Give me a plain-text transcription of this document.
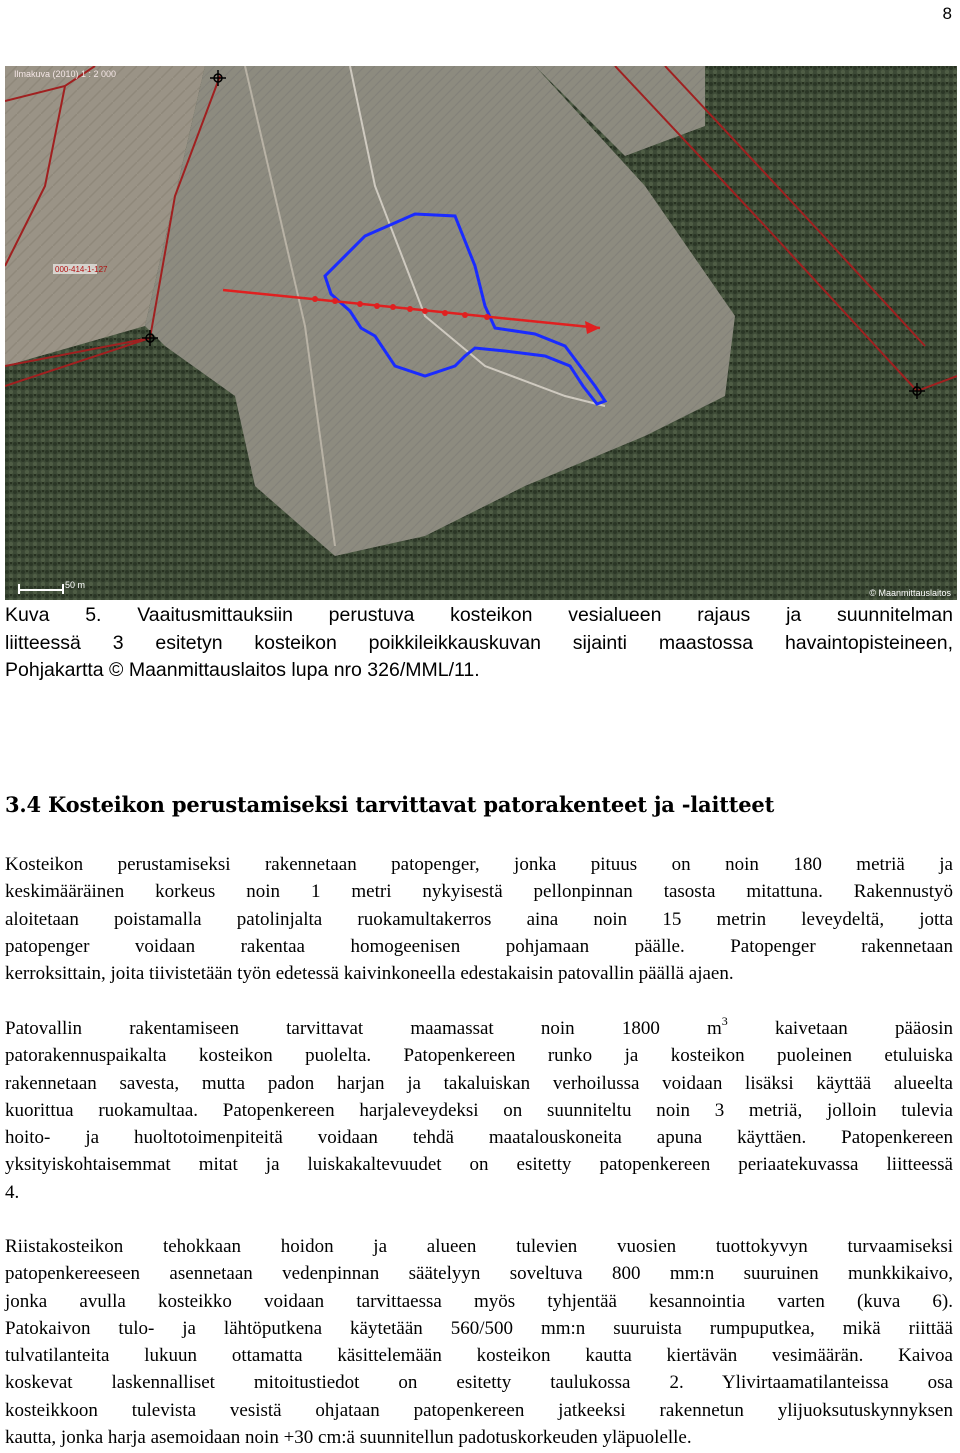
8
000-414-1-127
Ilmakuva (2010) 1 : 2 000
50 m
© Maanmittauslaitos

Kuva 5. Vaaitusmittauksiin perustuva kosteikon vesialueen rajaus ja suunnitelman

liitteessä 3 esitetyn kosteikon poikkileikkauskuvan sijainti maastossa havaintopisteineen,

Pohjakartta © Maanmittauslaitos lupa nro 326/MML/11.

3.4 Kosteikon perustamiseksi tarvittavat patorakenteet ja -laitteet
Kosteikon perustamiseksi rakennetaan patopenger, jonka pituus on noin 180 metriä ja
keskimääräinen korkeus noin 1 metri nykyisestä pellonpinnan tasosta mitattuna. Rakennustyö
aloitetaan poistamalla patolinjalta ruokamultakerros aina noin 15 metrin leveydeltä, jotta
patopenger voidaan rakentaa homogeenisen pohjamaan päälle. Patopenger rakennetaan
kerroksittain, joita tiivistetään työn edetessä kaivinkoneella edestakaisin patovallin päällä ajaen.
Patovallin rakentamiseen tarvittavat maamassat noin 1800 $m^3$ kaivetaan pääosin
patorakennuspaikalta kosteikon puolelta. Patopenkereen runko ja kosteikon puoleinen etuluiska
rakennetaan savesta, mutta padon harjan ja takaluiskan verhoilussa voidaan lisäksi käyttää alueelta
kuorittua ruokamultaa. Patopenkereen harjaleveydeksi on suunniteltu noin 3 metriä, jolloin tulevia
hoito- ja huoltotoimenpiteitä voidaan tehdä maatalouskoneita apuna käyttäen. Patopenkereen
yksityiskohtaisemmat mitat ja luiskakaltevuudet on esitetty patopenkereen periaatekuvassa liitteessä
4.
Riistakosteikon tehokkaan hoidon ja alueen tulevien vuosien tuottokyvyn turvaamiseksi
patopenkereeseen asennetaan vedenpinnan säätelyyn soveltuva 800 mm:n suuruinen munkkikaivo,
jonka avulla kosteikko voidaan tarvittaessa myös tyhjentää kesannointia varten (kuva 6).
Patokaivon tulo- ja lähtöputkena käytetään 560/500 mm:n suuruista rumpuputkea, mikä riittää
tulvatilanteita lukuun ottamatta käsittelemään kosteikon kautta kiertävän vesimäärän. Kaivoa
koskevat laskennalliset mitoitustiedot on esitetty taulukossa 2. Ylivirtaamatilanteissa osa
kosteikkoon tulevista vesistä ohjataan patopenkereen jatkeeksi rakennetun ylijuoksutuskynnyksen
kautta, jonka harja asemoidaan noin +30 cm:ä suunnitellun padotuskorkeuden yläpuolelle.
